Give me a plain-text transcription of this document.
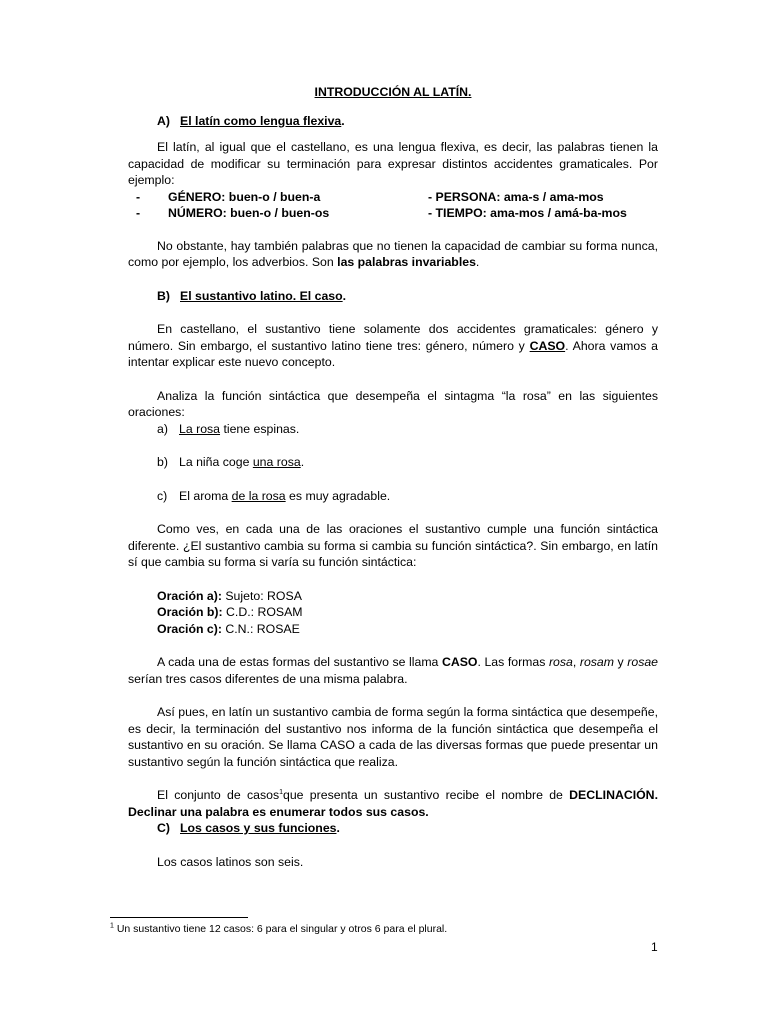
INTRODUCCIÓN AL LATÍN.
A) El latín como lengua flexiva.

El latín, al igual que el castellano, es una lengua flexiva, es decir, las palabras tienen la capacidad de modificar su terminación para expresar distintos accidentes gramaticales. Por ejemplo:

-	GÉNERO: buen-o / buen-a	- PERSONA: ama-s / ama-mos
-	NÚMERO: buen-o / buen-os	- TIEMPO: ama-mos / amá-ba-mos

No obstante, hay también palabras que no tienen la capacidad de cambiar su forma nunca, como por ejemplo, los adverbios. Son las palabras invariables.

B) El sustantivo latino. El caso.

En castellano, el sustantivo tiene solamente dos accidentes gramaticales: género y número. Sin embargo, el sustantivo latino tiene tres: género, número y CASO. Ahora vamos a intentar explicar este nuevo concepto.

Analiza la función sintáctica que desempeña el sintagma “la rosa” en las siguientes oraciones:

a) La rosa tiene espinas.
b) La niña coge una rosa.
c) El aroma de la rosa es muy agradable.

Como ves, en cada una de las oraciones el sustantivo cumple una función sintáctica diferente. ¿El sustantivo cambia su forma si cambia su función sintáctica?. Sin embargo, en latín sí que cambia su forma si varía su función sintáctica:

Oración a): Sujeto: ROSA
Oración b): C.D.: ROSAM
Oración c): C.N.: ROSAE

A cada una de estas formas del sustantivo se llama CASO. Las formas rosa, rosam y rosae serían tres casos diferentes de una misma palabra.

Así pues, en latín un sustantivo cambia de forma según la forma sintáctica que desempeñe, es decir, la terminación del sustantivo nos informa de la función sintáctica que desempeña el sustantivo en su oración. Se llama CASO a cada de las diversas formas que puede presentar un sustantivo según la función sintáctica que realiza.

El conjunto de casos$^1$que presenta un sustantivo recibe el nombre de DECLINACIÓN. Declinar una palabra es enumerar todos sus casos.

C) Los casos y sus funciones.

Los casos latinos son seis.

$^1$ Un sustantivo tiene 12 casos: 6 para el singular y otros 6 para el plural.
1
